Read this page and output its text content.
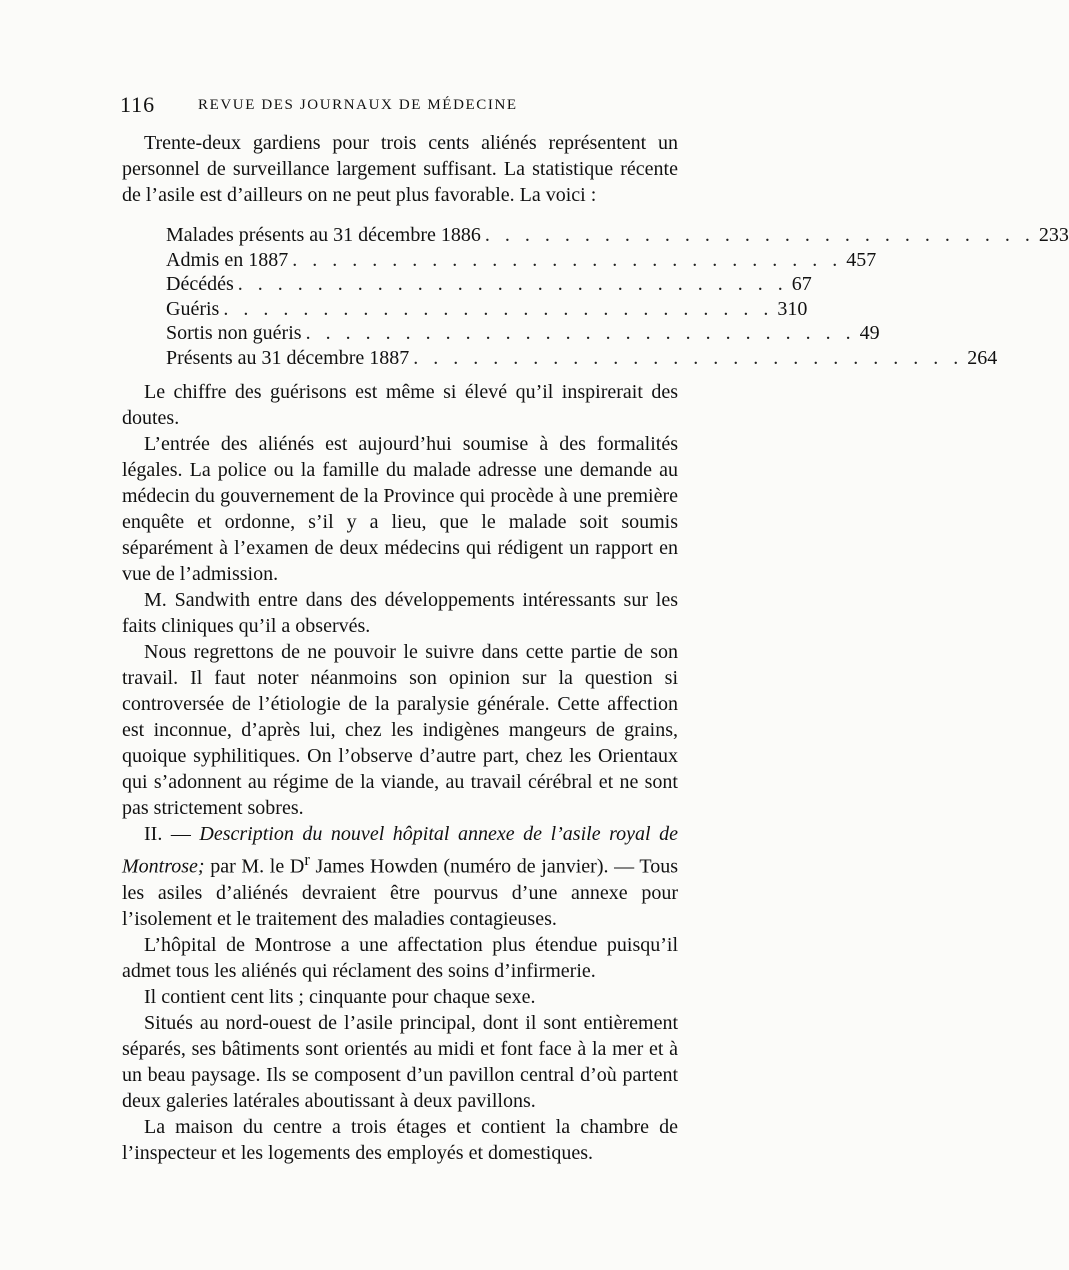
116	REVUE DES JOURNAUX DE MÉDECINE

Trente-deux gardiens pour trois cents aliénés représentent un personnel de surveillance largement suffisant. La statistique récente de l’asile est d’ailleurs on ne peut plus favorable. La voici :

Malades présents au 31 décembre 1886 . . . . . . . . . . . . . . . . . . . . . . . . . . . . 233
Admis en 1887 . . . . . . . . . . . . . . . . . . . . . . . . . . . . 457
Décédés . . . . . . . . . . . . . . . . . . . . . . . . . . . . 67
Guéris . . . . . . . . . . . . . . . . . . . . . . . . . . . . 310
Sortis non guéris . . . . . . . . . . . . . . . . . . . . . . . . . . . . 49
Présents au 31 décembre 1887 . . . . . . . . . . . . . . . . . . . . . . . . . . . . 264

Le chiffre des guérisons est même si élevé qu’il inspirerait des doutes.

L’entrée des aliénés est aujourd’hui soumise à des formalités légales. La police ou la famille du malade adresse une demande au médecin du gouvernement de la Province qui procède à une première enquête et ordonne, s’il y a lieu, que le malade soit soumis séparément à l’examen de deux médecins qui rédigent un rapport en vue de l’admission.

M. Sandwith entre dans des développements intéressants sur les faits cliniques qu’il a observés.

Nous regrettons de ne pouvoir le suivre dans cette partie de son travail. Il faut noter néanmoins son opinion sur la question si controversée de l’étiologie de la paralysie générale. Cette affection est inconnue, d’après lui, chez les indigènes mangeurs de grains, quoique syphilitiques. On l’observe d’autre part, chez les Orientaux qui s’adonnent au régime de la viande, au travail cérébral et ne sont pas strictement sobres.

II. — Description du nouvel hôpital annexe de l’asile royal de Montrose; par M. le $D^r$ James Howden (numéro de janvier). — Tous les asiles d’aliénés devraient être pourvus d’une annexe pour l’isolement et le traitement des maladies contagieuses.

L’hôpital de Montrose a une affectation plus étendue puisqu’il admet tous les aliénés qui réclament des soins d’infirmerie.

Il contient cent lits ; cinquante pour chaque sexe.

Situés au nord-ouest de l’asile principal, dont il sont entièrement séparés, ses bâtiments sont orientés au midi et font face à la mer et à un beau paysage. Ils se composent d’un pavillon central d’où partent deux galeries latérales aboutissant à deux pavillons.

La maison du centre a trois étages et contient la chambre de l’inspecteur et les logements des employés et domestiques.
